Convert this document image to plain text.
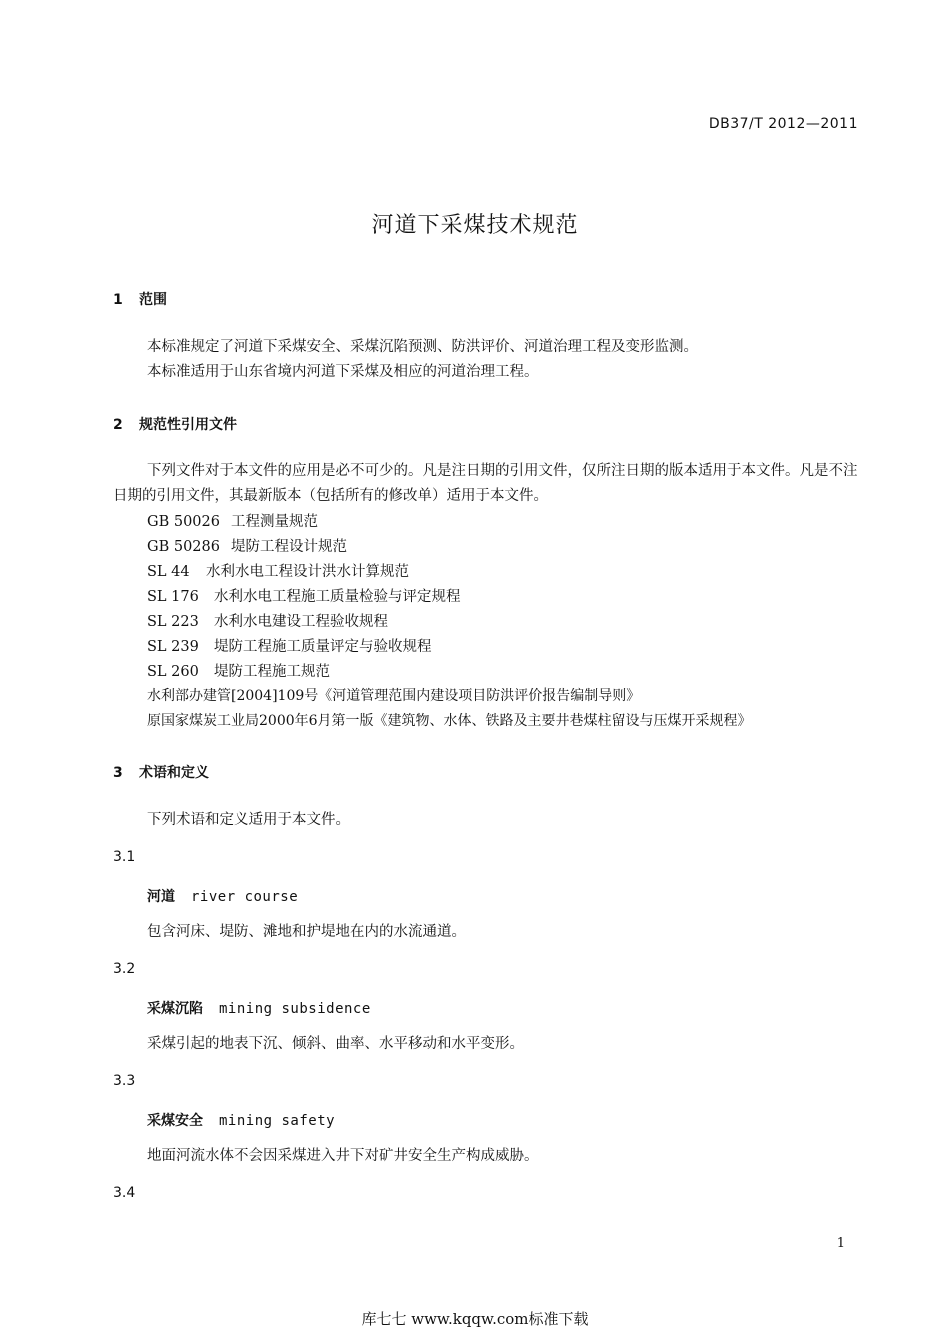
DB37/T 2012—2011
河道下采煤技术规范
1 范围
本标准规定了河道下采煤安全、采煤沉陷预测、防洪评价、河道治理工程及变形监测。
本标准适用于山东省境内河道下采煤及相应的河道治理工程。
2 规范性引用文件
下列文件对于本文件的应用是必不可少的。凡是注日期的引用文件，仅所注日期的版本适用于本文件。凡是不注日期的引用文件，其最新版本（包括所有的修改单）适用于本文件。
GB 50026 工程测量规范
GB 50286 堤防工程设计规范
SL 44 水利水电工程设计洪水计算规范
SL 176 水利水电工程施工质量检验与评定规程
SL 223 水利水电建设工程验收规程
SL 239 堤防工程施工质量评定与验收规程
SL 260 堤防工程施工规范
水利部办建管[2004]109号《河道管理范围内建设项目防洪评价报告编制导则》
原国家煤炭工业局2000年6月第一版《建筑物、水体、铁路及主要井巷煤柱留设与压煤开采规程》
3 术语和定义
下列术语和定义适用于本文件。
3.1
河道 river course
包含河床、堤防、滩地和护堤地在内的水流通道。
3.2
采煤沉陷 mining subsidence
采煤引起的地表下沉、倾斜、曲率、水平移动和水平变形。
3.3
采煤安全 mining safety
地面河流水体不会因采煤进入井下对矿井安全生产构成威胁。
3.4
1
库七七 www.kqqw.com标准下载
